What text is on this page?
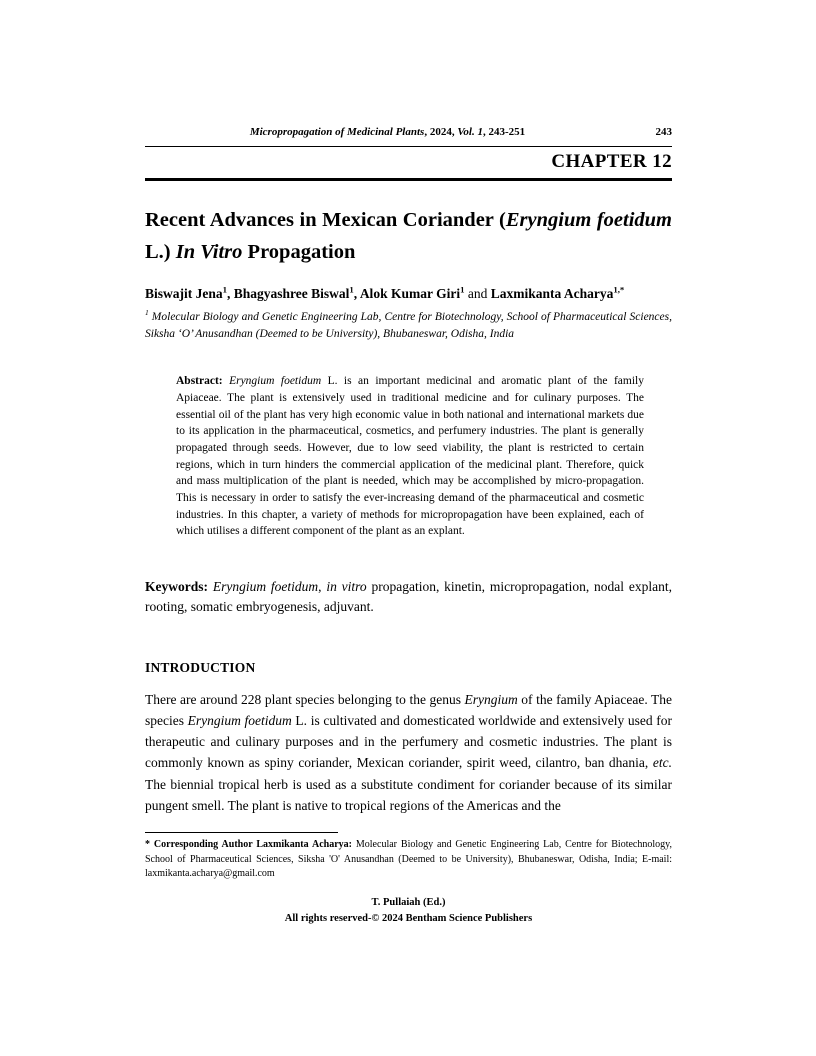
Micropropagation of Medicinal Plants, 2024, Vol. 1, 243-251	243
CHAPTER 12
Recent Advances in Mexican Coriander (Eryngium foetidum L.) In Vitro Propagation
Biswajit Jena$^1$, Bhagyashree Biswal$^1$, Alok Kumar Giri$^1$ and Laxmikanta Acharya$^{1,*}$
$^1$ Molecular Biology and Genetic Engineering Lab, Centre for Biotechnology, School of Pharmaceutical Sciences, Siksha ‘O’ Anusandhan (Deemed to be University), Bhubaneswar, Odisha, India
Abstract: Eryngium foetidum L. is an important medicinal and aromatic plant of the family Apiaceae. The plant is extensively used in traditional medicine and for culinary purposes. The essential oil of the plant has very high economic value in both national and international markets due to its application in the pharmaceutical, cosmetics, and perfumery industries. The plant is generally propagated through seeds. However, due to low seed viability, the plant is restricted to certain regions, which in turn hinders the commercial application of the medicinal plant. Therefore, quick and mass multiplication of the plant is needed, which may be accomplished by micro-propagation. This is necessary in order to satisfy the ever-increasing demand of the pharmaceutical and cosmetic industries. In this chapter, a variety of methods for micropropagation have been explained, each of which utilises a different component of the plant as an explant.
Keywords: Eryngium foetidum, in vitro propagation, kinetin, micropropagation, nodal explant, rooting, somatic embryogenesis, adjuvant.
INTRODUCTION
There are around 228 plant species belonging to the genus Eryngium of the family Apiaceae. The species Eryngium foetidum L. is cultivated and domesticated worldwide and extensively used for therapeutic and culinary purposes and in the perfumery and cosmetic industries. The plant is commonly known as spiny coriander, Mexican coriander, spirit weed, cilantro, ban dhania, etc. The biennial tropical herb is used as a substitute condiment for coriander because of its similar pungent smell. The plant is native to tropical regions of the Americas and the
* Corresponding Author Laxmikanta Acharya: Molecular Biology and Genetic Engineering Lab, Centre for Biotechnology, School of Pharmaceutical Sciences, Siksha 'O' Anusandhan (Deemed to be University), Bhubaneswar, Odisha, India; E-mail: laxmikanta.acharya@gmail.com
T. Pullaiah (Ed.)
All rights reserved-© 2024 Bentham Science Publishers
